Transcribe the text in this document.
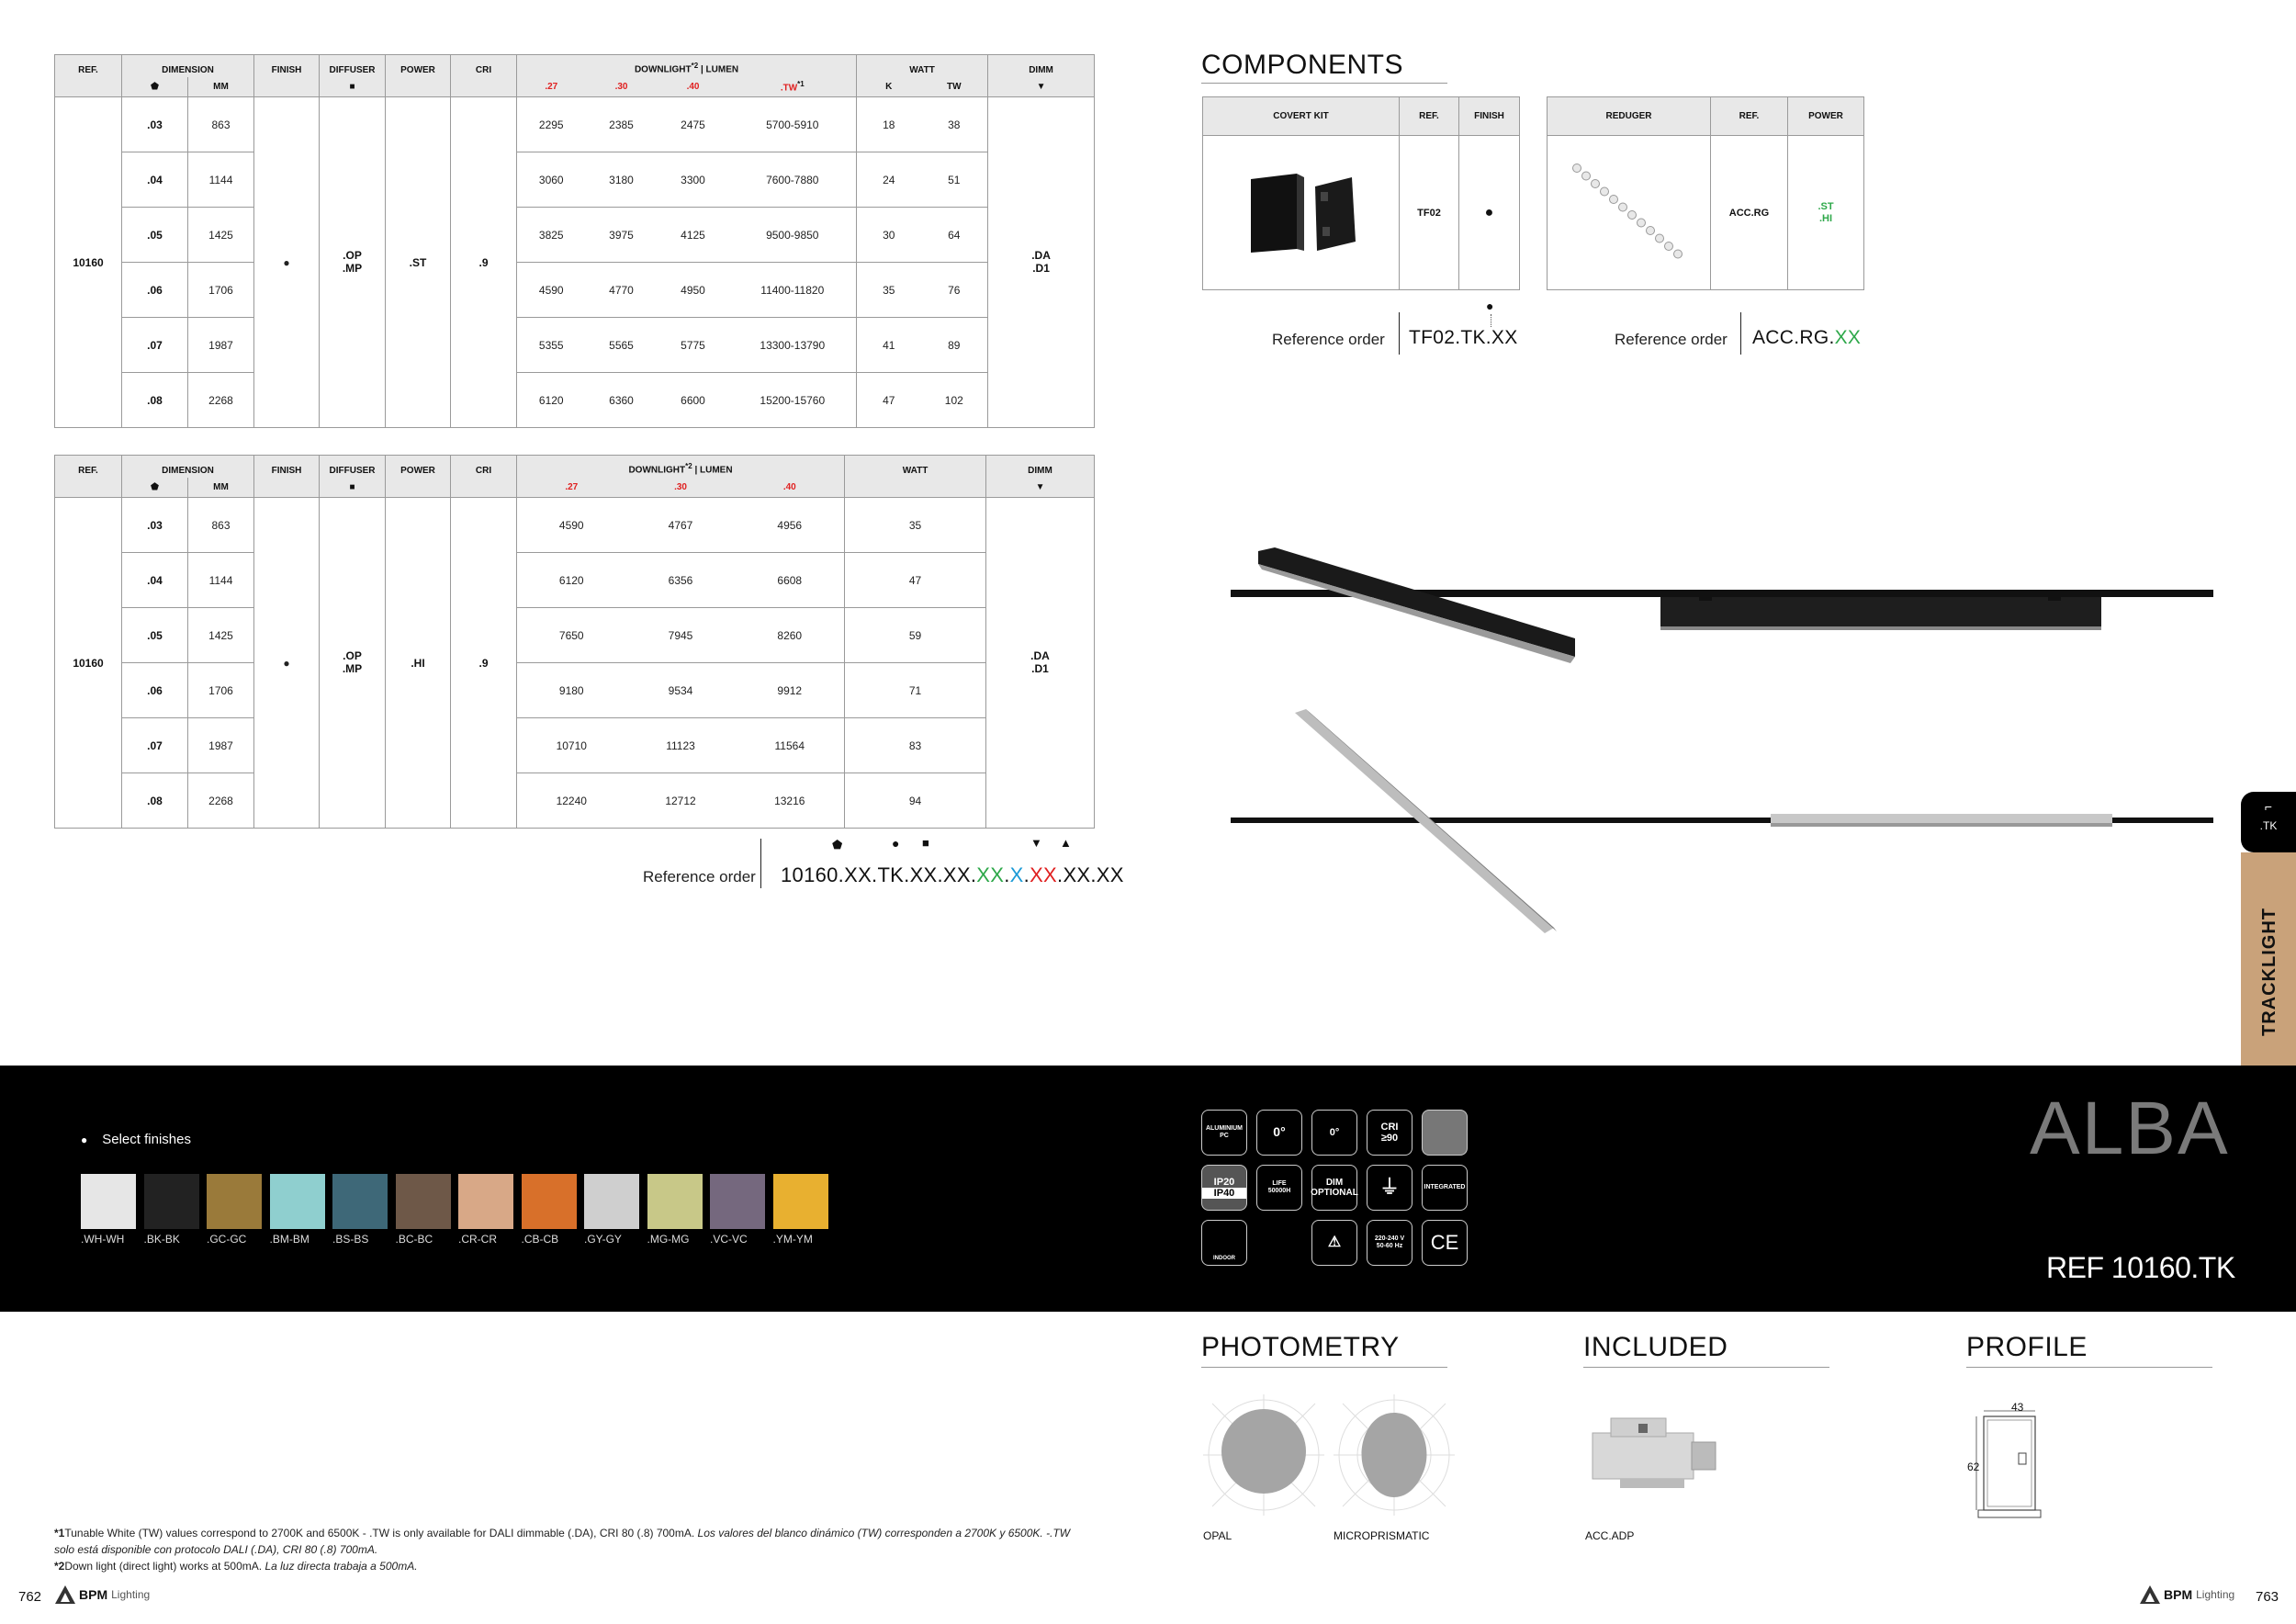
REF.	DIMENSION		FINISH	DIFFUSER	POWER	CRI	DOWNLIGHT$^{*2}$ | LUMEN				WATT		DIMM
	⬟	MM		■			.27	.30	.40	.TW$^{*1}$	K	TW	▼
10160	.03	863	●	.OP
.MP	.ST	.9	2295	2385	2475	5700-5910	18	38	.DA
.D1
	.04	1144					3060	3180	3300	7600-7880	24	51	
	.05	1425					3825	3975	4125	9500-9850	30	64	
	.06	1706					4590	4770	4950	11400-11820	35	76	
	.07	1987					5355	5565	5775	13300-13790	41	89	
	.08	2268					6120	6360	6600	15200-15760	47	102	
REF.	DIMENSION		FINISH	DIFFUSER	POWER	CRI	DOWNLIGHT$^{*2}$ | LUMEN			WATT	DIMM
	⬟	MM		■			.27	.30	.40		▼
10160	.03	863	●	.OP
.MP	.HI	.9	4590	4767	4956	35	.DA
.D1
	.04	1144					6120	6356	6608	47	
	.05	1425					7650	7945	8260	59	
	.06	1706					9180	9534	9912	71	
	.07	1987					10710	11123	11564	83	
	.08	2268					12240	12712	13216	94	
Reference order 10160.XX.TK.XX.XX.XX.X.XX.XX.XX
⬟	● ■	▼ ▲
COMPONENTS
COVERT KIT	REF.	FINISH
	TF02	●
REDUGER	REF.	POWER
	ACC.RG	.ST
.HI
Reference order TF02.TK.XX
●
Reference order ACC.RG.XX
TRACKLIGHT
⌐
.TK
● Select finishes
.WH-WH .BK-BK .GC-GC .BM-BM .BS-BS .BC-BC .CR-CR .CB-CB .GY-GY .MG-MG .VC-VC .YM-YM
ALUMINIUM
PC	0°	0°
CRI
≥90
IP20
IP40
LIFE
50000H
DIM
OPTIONAL	⏚	INTEGRATED
INDOOR
⚠	220-240 V
50-60 Hz	CE
ALBA
REF 10160.TK
PHOTOMETRY	INCLUDED	PROFILE
OPAL	MICROPRISMATIC	ACC.ADP
43
62
*1Tunable White (TW) values correspond to 2700K and 6500K - .TW is only available for DALI dimmable (.DA), CRI 80 (.8) 700mA. Los valores del blanco dinámico (TW) corresponden a 2700K y 6500K. -.TW solo está disponible con protocolo DALI (.DA), CRI 80 (.8) 700mA.
*2Down light (direct light) works at 500mA. La luz directa trabaja a 500mA.
762	BPM Lighting	BPM Lighting 763
